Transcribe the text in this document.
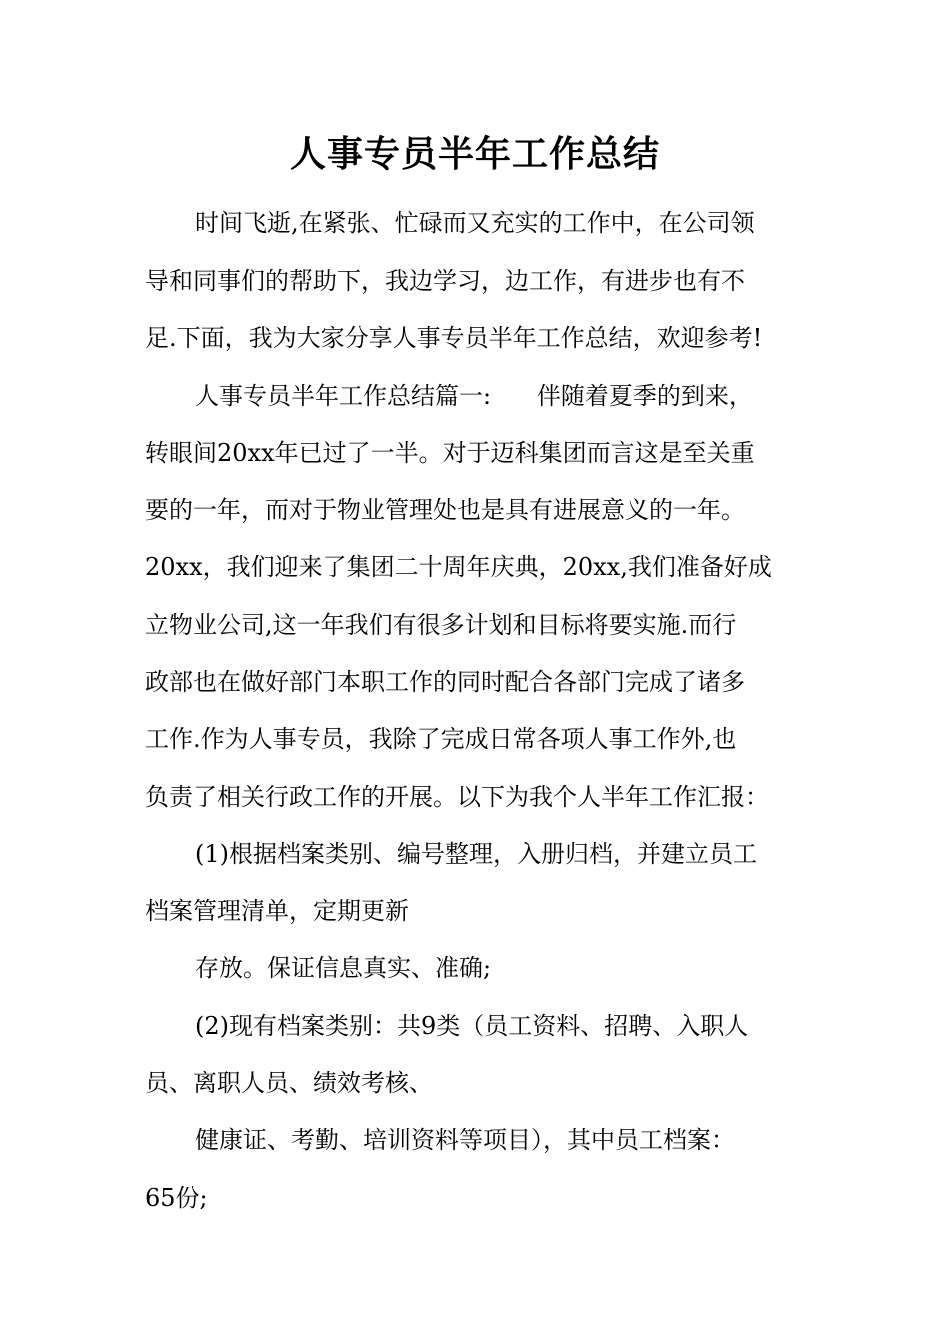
人事专员半年工作总结
时间飞逝,在紧张、忙碌而又充实的工作中，在公司领
导和同事们的帮助下，我边学习，边工作，有进步也有不
足.下面，我为大家分享人事专员半年工作总结，欢迎参考!
人事专员半年工作总结篇一:      伴随着夏季的到来，
转眼间20xx年已过了一半。对于迈科集团而言这是至关重
要的一年，而对于物业管理处也是具有进展意义的一年。
20xx，我们迎来了集团二十周年庆典，20xx,我们准备好成
立物业公司,这一年我们有很多计划和目标将要实施.而行
政部也在做好部门本职工作的同时配合各部门完成了诸多
工作.作为人事专员，我除了完成日常各项人事工作外,也
负责了相关行政工作的开展。以下为我个人半年工作汇报：
(1)根据档案类别、编号整理，入册归档，并建立员工
档案管理清单，定期更新
存放。保证信息真实、准确;
(2)现有档案类别：共9类（员工资料、招聘、入职人
员、离职人员、绩效考核、
健康证、考勤、培训资料等项目），其中员工档案：
65份;
